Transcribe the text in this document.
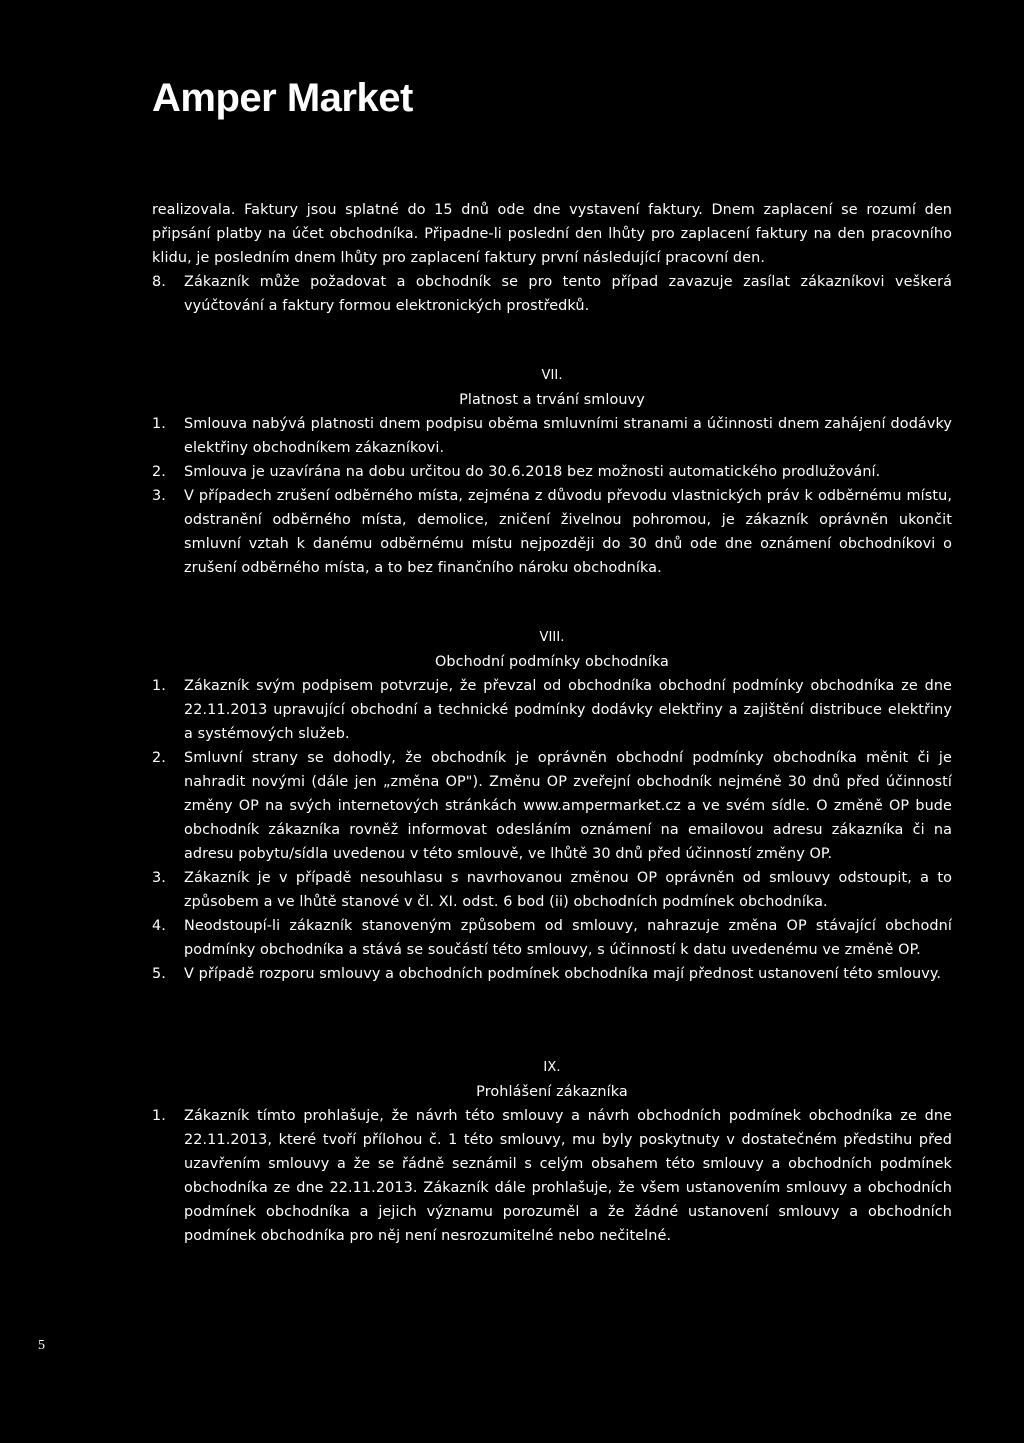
Amper Market
realizovala. Faktury jsou splatné do 15 dnů ode dne vystavení faktury. Dnem zaplacení se rozumí den připsání platby na účet obchodníka. Připadne-li poslední den lhůty pro zaplacení faktury na den pracovního klidu, je posledním dnem lhůty pro zaplacení faktury první následující pracovní den.
8. Zákazník může požadovat a obchodník se pro tento případ zavazuje zasílat zákazníkovi veškerá vyúčtování a faktury formou elektronických prostředků.
VII.
Platnost a trvání smlouvy
1. Smlouva nabývá platnosti dnem podpisu oběma smluvními stranami a účinnosti dnem zahájení dodávky elektřiny obchodníkem zákazníkovi.
2. Smlouva je uzavírána na dobu určitou do 30.6.2018 bez možnosti automatického prodlužování.
3. V případech zrušení odběrného místa, zejména z důvodu převodu vlastnických práv k odběrnému místu, odstranění odběrného místa, demolice, zničení živelnou pohromou, je zákazník oprávněn ukončit smluvní vztah k danému odběrnému místu nejpozději do 30 dnů ode dne oznámení obchodníkovi o zrušení odběrného místa, a to bez finančního nároku obchodníka.
VIII.
Obchodní podmínky obchodníka
1. Zákazník svým podpisem potvrzuje, že převzal od obchodníka obchodní podmínky obchodníka ze dne 22.11.2013 upravující obchodní a technické podmínky dodávky elektřiny a zajištění distribuce elektřiny a systémových služeb.
2. Smluvní strany se dohodly, že obchodník je oprávněn obchodní podmínky obchodníka měnit či je nahradit novými (dále jen „změna OP"). Změnu OP zveřejní obchodník nejméně 30 dnů před účinností změny OP na svých internetových stránkách www.ampermarket.cz a ve svém sídle. O změně OP bude obchodník zákazníka rovněž informovat odesláním oznámení na emailovou adresu zákazníka či na adresu pobytu/sídla uvedenou v této smlouvě, ve lhůtě 30 dnů před účinností změny OP.
3. Zákazník je v případě nesouhlasu s navrhovanou změnou OP oprávněn od smlouvy odstoupit, a to způsobem a ve lhůtě stanové v čl. XI. odst. 6 bod (ii) obchodních podmínek obchodníka.
4. Neodstoupí-li zákazník stanoveným způsobem od smlouvy, nahrazuje změna OP stávající obchodní podmínky obchodníka a stává se součástí této smlouvy, s účinností k datu uvedenému ve změně OP.
5. V případě rozporu smlouvy a obchodních podmínek obchodníka mají přednost ustanovení této smlouvy.
IX.
Prohlášení zákazníka
1. Zákazník tímto prohlašuje, že návrh této smlouvy a návrh obchodních podmínek obchodníka ze dne 22.11.2013, které tvoří přílohou č. 1 této smlouvy, mu byly poskytnuty v dostatečném předstihu před uzavřením smlouvy a že se řádně seznámil s celým obsahem této smlouvy a obchodních podmínek obchodníka ze dne 22.11.2013. Zákazník dále prohlašuje, že všem ustanovením smlouvy a obchodních podmínek obchodníka a jejich významu porozuměl a že žádné ustanovení smlouvy a obchodních podmínek obchodníka pro něj není nesrozumitelné nebo nečitelné.
5
